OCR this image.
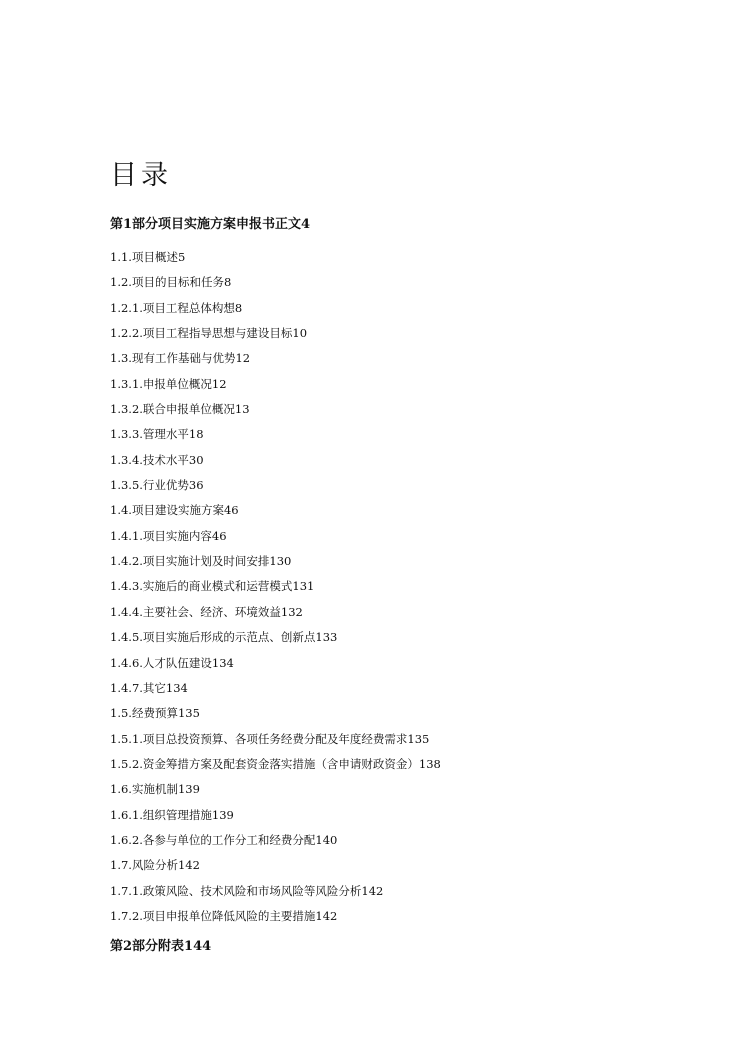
目录
第1部分项目实施方案申报书正文4
1.1.项目概述5
1.2.项目的目标和任务8
1.2.1.项目工程总体构想8
1.2.2.项目工程指导思想与建设目标10
1.3.现有工作基础与优势12
1.3.1.申报单位概况12
1.3.2.联合申报单位概况13
1.3.3.管理水平18
1.3.4.技术水平30
1.3.5.行业优势36
1.4.项目建设实施方案46
1.4.1.项目实施内容46
1.4.2.项目实施计划及时间安排130
1.4.3.实施后的商业模式和运营模式131
1.4.4.主要社会、经济、环境效益132
1.4.5.项目实施后形成的示范点、创新点133
1.4.6.人才队伍建设134
1.4.7.其它134
1.5.经费预算135
1.5.1.项目总投资预算、各项任务经费分配及年度经费需求135
1.5.2.资金筹措方案及配套资金落实措施（含申请财政资金）138
1.6.实施机制139
1.6.1.组织管理措施139
1.6.2.各参与单位的工作分工和经费分配140
1.7.风险分析142
1.7.1.政策风险、技术风险和市场风险等风险分析142
1.7.2.项目申报单位降低风险的主要措施142
第2部分附表144
